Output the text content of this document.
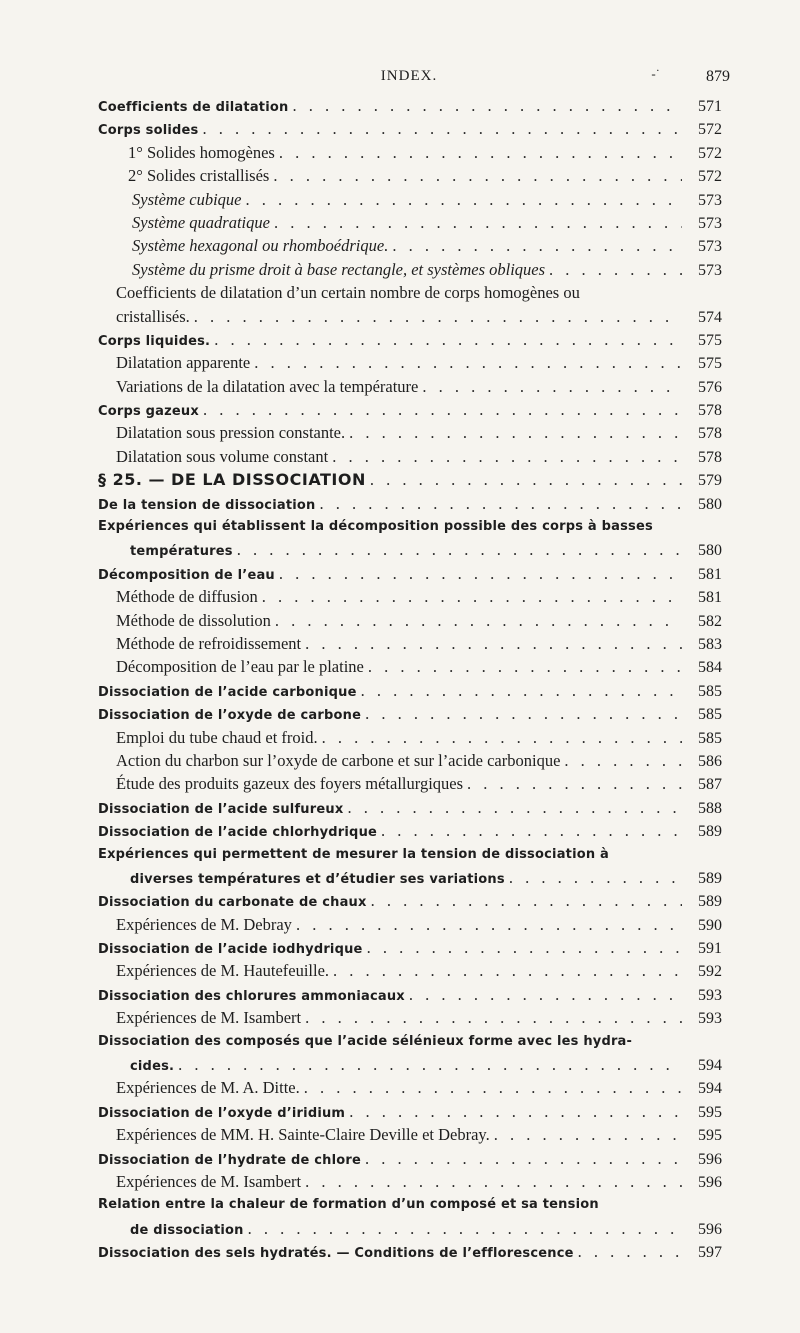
INDEX.	-˙	879
Coefficients de dilatation . . .	571
Corps solides . . .	572
1° Solides homogènes . . .	572
2° Solides cristallisés . . .	572
Système cubique . . .	573
Système quadratique . . .	573
Système hexagonal ou rhomboédrique. . . .	573
Système du prisme droit à base rectangle, et systèmes obliques . . .	573
Coefficients de dilatation d’un certain nombre de corps homogènes ou
cristallisés. . . .	574
Corps liquides. . . .	575
Dilatation apparente . . .	575
Variations de la dilatation avec la température . . .	576
Corps gazeux . . .	578
Dilatation sous pression constante. . . .	578
Dilatation sous volume constant . . .	578
§ 25. — DE LA DISSOCIATION . . .	579
De la tension de dissociation . . .	580
Expériences qui établissent la décomposition possible des corps à basses
températures . . .	580
Décomposition de l’eau . . .	581
Méthode de diffusion . . .	581
Méthode de dissolution . . .	582
Méthode de refroidissement . . .	583
Décomposition de l’eau par le platine . . .	584
Dissociation de l’acide carbonique . . .	585
Dissociation de l’oxyde de carbone . . .	585
Emploi du tube chaud et froid. . . .	585
Action du charbon sur l’oxyde de carbone et sur l’acide carbonique . . .	586
Étude des produits gazeux des foyers métallurgiques . . .	587
Dissociation de l’acide sulfureux . . .	588
Dissociation de l’acide chlorhydrique . . .	589
Expériences qui permettent de mesurer la tension de dissociation à
diverses températures et d’étudier ses variations . . .	589
Dissociation du carbonate de chaux . . .	589
Expériences de M. Debray . . .	590
Dissociation de l’acide iodhydrique . . .	591
Expériences de M. Hautefeuille. . . .	592
Dissociation des chlorures ammoniacaux . . .	593
Expériences de M. Isambert . . .	593
Dissociation des composés que l’acide sélénieux forme avec les hydra-
cides. . . .	594
Expériences de M. A. Ditte. . . .	594
Dissociation de l’oxyde d’iridium . . .	595
Expériences de MM. H. Sainte-Claire Deville et Debray. . . .	595
Dissociation de l’hydrate de chlore . . .	596
Expériences de M. Isambert . . .	596
Relation entre la chaleur de formation d’un composé et sa tension
de dissociation . . .	596
Dissociation des sels hydratés. — Conditions de l’efflorescence . . .	597
